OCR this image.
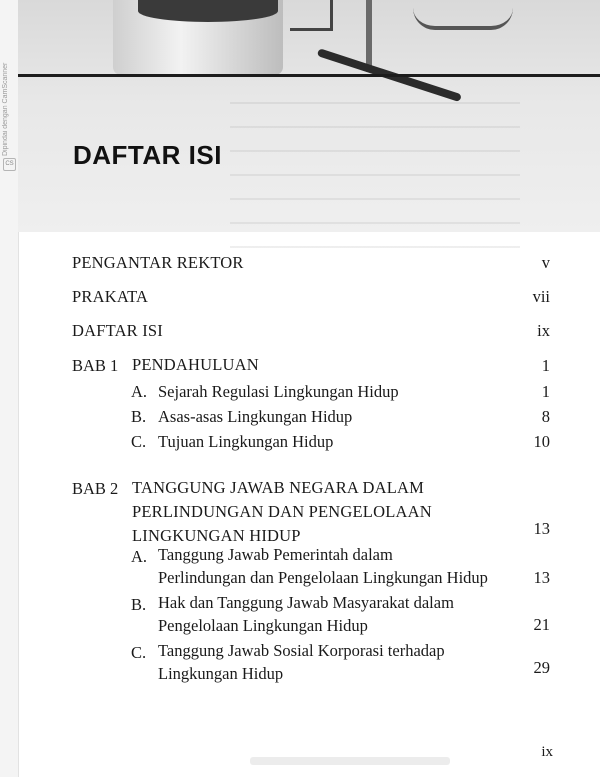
Dipindai dengan CamScanner
CS DAFTAR ISI
PENGANTAR REKTOR	v
PRAKATA	vii
DAFTAR ISI	ix
BAB 1 PENDAHULUAN	1
A. Sejarah Regulasi Lingkungan Hidup	1
B. Asas-asas Lingkungan Hidup	8
C. Tujuan Lingkungan Hidup	10
BAB 2 TANGGUNG JAWAB NEGARA DALAM
PERLINDUNGAN DAN PENGELOLAAN
LINGKUNGAN HIDUP	13
A. Tanggung Jawab Pemerintah dalam
Perlindungan dan Pengelolaan Lingkungan Hidup	13
B. Hak dan Tanggung Jawab Masyarakat dalam
Pengelolaan Lingkungan Hidup	21
C. Tanggung Jawab Sosial Korporasi terhadap
Lingkungan Hidup	29
ix
